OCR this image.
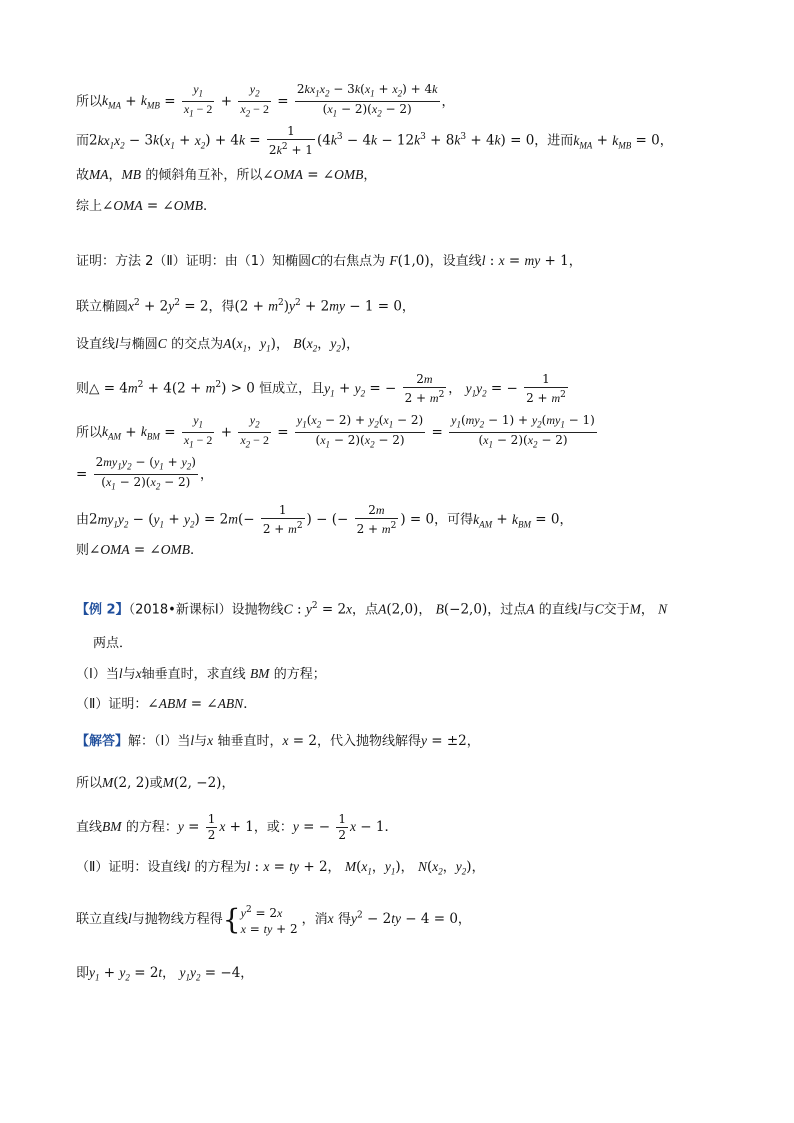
所以$k_{MA} + k_{MB} = \frac{y_1}{x_1 - 2} + \frac{y_2}{x_2 - 2} = \frac{2kx_1x_2 - 3k(x_1 + x_2) + 4k}{(x_1 - 2)(x_2 - 2)}$ ，
而$2kx_1x_2 - 3k(x_1 + x_2) + 4k = \frac{1}{2k^2 + 1} (4k^3 - 4k - 12k^3 + 8k^3 + 4k) = 0$，进而$k_{MA} + k_{MB} = 0$，
故MA，MB 的倾斜角互补，所以∠OMA = ∠OMB，
综上∠OMA = ∠OMB．
证明：方法 2（Ⅱ）证明：由（1）知椭圆C的右焦点为 F(1,0)，设直线l : x = my + 1，
联立椭圆$x^2 + 2y^2 = 2$，得$(2 + m^2)y^2 + 2my - 1 = 0$，
设直线l与椭圆C 的交点为$A(x_1$，$y_1$)， $B(x_2$，$y_2$)，
则△ = $4m^2 + 4(2 + m^2) > 0$ 恒成立，且$y_1 + y_2$ = − $\frac{2m}{2 + m^2}$ ， $y_1y_2$ = − $\frac{1}{2 + m^2}$
所以$k_{AM} + k_{BM} = \frac{y_1}{x_1 - 2} + \frac{y_2}{x_2 - 2} = \frac{y_1(x_2 - 2) + y_2(x_1 - 2)}{(x_1 - 2)(x_2 - 2)} = \frac{y_1(my_2 - 1) + y_2(my_1 - 1)}{(x_1 - 2)(x_2 - 2)}$
= $\frac{2my_1y_2 - (y_1 + y_2)}{(x_1 - 2)(x_2 - 2)}$ ，
由$2my_1y_2 - (y_1 + y_2) = 2m(- \frac{1}{2 + m^2}$ ) − (− $\frac{2m}{2 + m^2}$ ) = 0，可得$k_{AM} + k_{BM} = 0$，
则∠OMA = ∠OMB．
【例 2】（2018•新课标Ⅰ）设抛物线C : $y^2 = 2x$，点A(2,0)， B(−2,0)，过点A 的直线l与C交于M， N
两点．
（Ⅰ）当l与x轴垂直时，求直线 BM 的方程；
（Ⅱ）证明：∠ABM = ∠ABN．
【解答】解：（Ⅰ）当l与x 轴垂直时，x = 2，代入抛物线解得y = ±2，
所以M(2, 2)或M(2, −2)，
直线BM 的方程：$y = \frac{1}{2}$ x + 1，或：y = − $\frac{1}{2}$ x − 1．
（Ⅱ）证明：设直线l 的方程为l : x = ty + 2， $M(x_1$，$y_1$)， $N(x_2$，$y_2$)，
联立直线l与抛物线方程得{ $y^2 = 2x$
x = ty + 2
，消x 得$y^2 - 2ty - 4 = 0$，
即$y_1 + y_2 = 2t$， $y_1y_2 = -4$，
